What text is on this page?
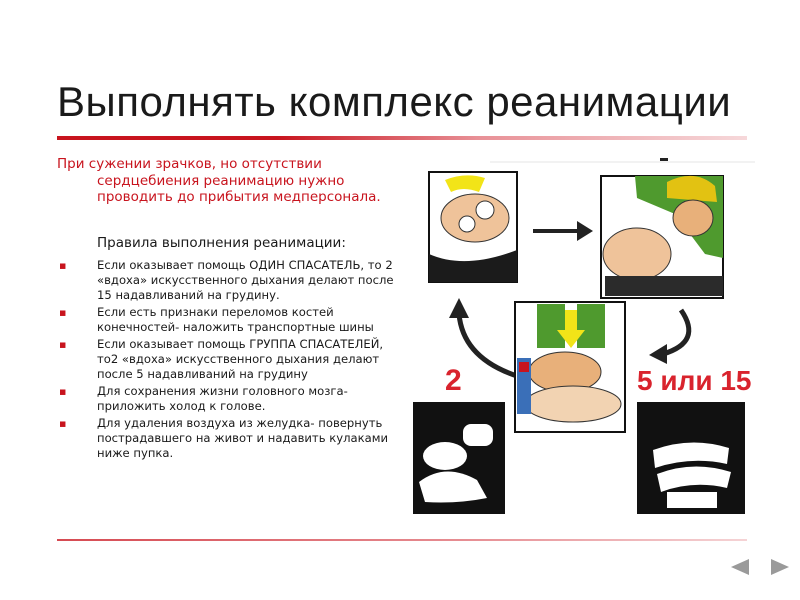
Выполнять комплекс реанимации
При сужении зрачков, но отсутствии
сердцебиения реанимацию нужно проводить до прибытия медперсонала.
Правила выполнения реанимации:
▪	Если оказывает помощь ОДИН СПАСАТЕЛЬ, то 2 «вдоха» искусственного дыхания делают после 15 надавливаний на грудину.
▪	Если есть признаки переломов костей конечностей- наложить транспортные шины
▪	Если оказывает помощь ГРУППА СПАСАТЕЛЕЙ, то2 «вдоха» искусственного дыхания делают после 5 надавливаний на грудину
▪	Для сохранения жизни головного мозга- приложить холод к голове.
▪	Для удаления воздуха из желудка- повернуть пострадавшего на живот и надавить кулаками ниже пупка.
2	5 или 15
